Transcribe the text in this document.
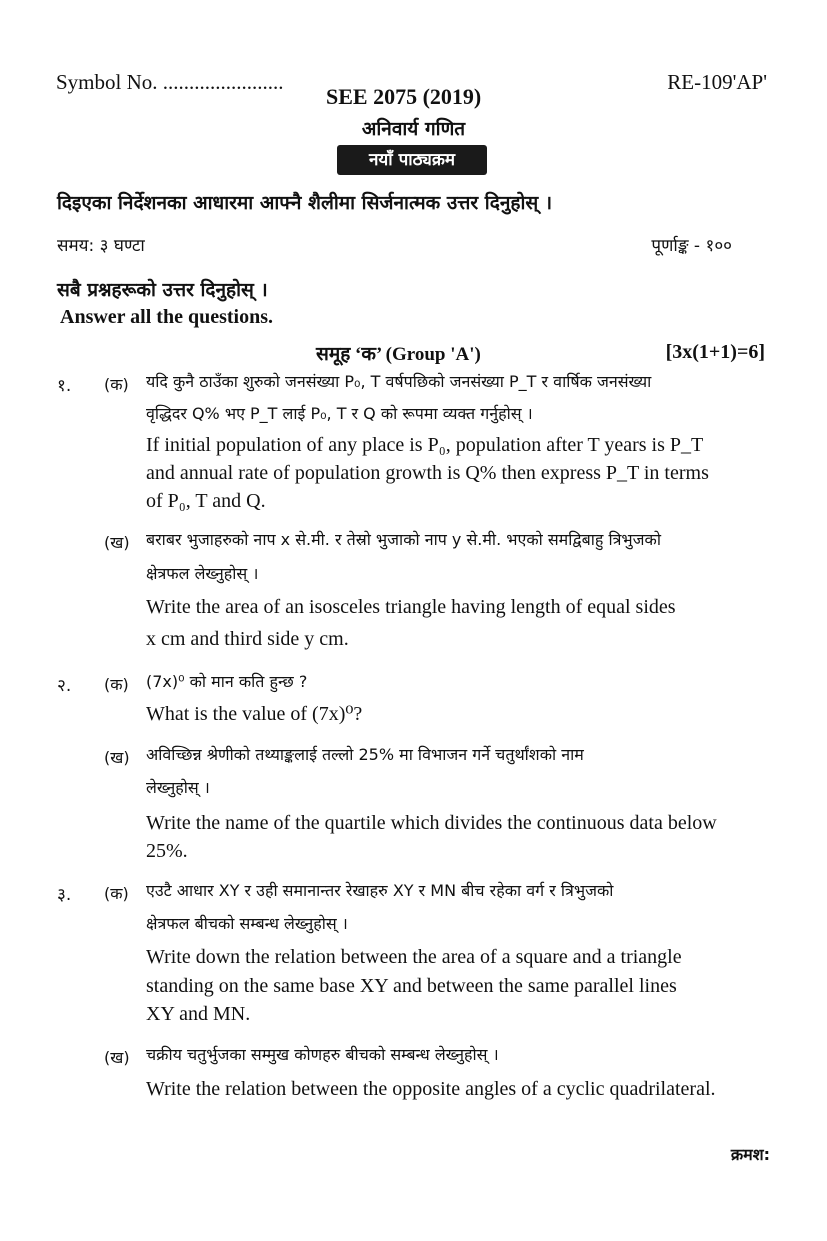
Symbol No. .......................
SEE 2075 (2019)
RE-109'AP'
अनिवार्य गणित
नयाँ पाठ्यक्रम
दिइएका निर्देशनका आधारमा आफ्नै शैलीमा सिर्जनात्मक उत्तर दिनुहोस् ।
समय: ३ घण्टा	पूर्णाङ्क - १००
सबै प्रश्नहरूको उत्तर दिनुहोस् ।
Answer all the questions.
समूह ‘क’ (Group 'A')	[3x(1+1)=6]
१. (क) यदि कुनै ठाउँका शुरुको जनसंख्या P₀, T वर्षपछिको जनसंख्या P_T र वार्षिक जनसंख्या
वृद्धिदर Q% भए P_T लाई P₀, T र Q को रूपमा व्यक्त गर्नुहोस् ।
If initial population of any place is P₀, population after T years is P_T
and annual rate of population growth is Q% then express P_T in terms
of P₀, T and Q.
(ख) बराबर भुजाहरुको नाप x से.मी. र तेस्रो भुजाको नाप y से.मी. भएको समद्विबाहु त्रिभुजको
क्षेत्रफल लेख्नुहोस् ।
Write the area of an isosceles triangle having length of equal sides
x cm and third side y cm.
२. (क) (7x)⁰ को मान कति हुन्छ ?
What is the value of (7x)⁰?
(ख) अविच्छिन्न श्रेणीको तथ्याङ्कलाई तल्लो 25% मा विभाजन गर्ने चतुर्थांशको नाम
लेख्नुहोस् ।
Write the name of the quartile which divides the continuous data below
25%.
३. (क) एउटै आधार XY र उही समानान्तर रेखाहरु XY र MN बीच रहेका वर्ग र त्रिभुजको
क्षेत्रफल बीचको सम्बन्ध लेख्नुहोस् ।
Write down the relation between the area of a square and a triangle
standing on the same base XY and between the same parallel lines
XY and MN.
(ख) चक्रीय चतुर्भुजका सम्मुख कोणहरु बीचको सम्बन्ध लेख्नुहोस् ।
Write the relation between the opposite angles of a cyclic quadrilateral.
क्रमश:
